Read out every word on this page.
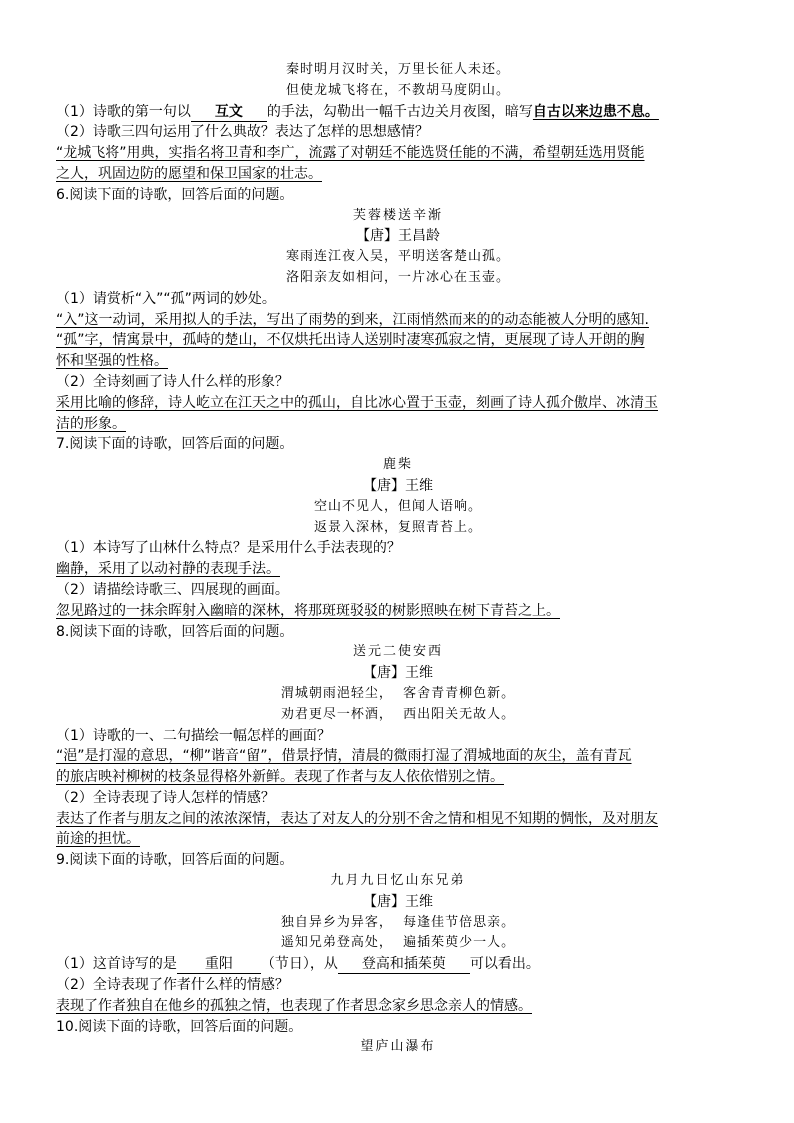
秦时明月汉时关，万里长征人未还。
但使龙城飞将在，不教胡马度阴山。
（1）诗歌的第一句以 互文 的手法，勾勒出一幅千古边关月夜图，暗写自古以来边患不息。
（2）诗歌三四句运用了什么典故？表达了怎样的思想感情？
“龙城飞将”用典，实指名将卫青和李广，流露了对朝廷不能选贤任能的不满，希望朝廷选用贤能
之人，巩固边防的愿望和保卫国家的壮志。
6.阅读下面的诗歌，回答后面的问题。
芙蓉楼送辛渐
【唐】王昌龄
寒雨连江夜入吴，平明送客楚山孤。
洛阳亲友如相问，一片冰心在玉壶。
（1）请赏析“入”“孤”两词的妙处。
“入”这一动词，采用拟人的手法，写出了雨势的到来，江雨悄然而来的的动态能被人分明的感知.
“孤”字，情寓景中，孤峙的楚山，不仅烘托出诗人送别时凄寒孤寂之情，更展现了诗人开朗的胸
怀和坚强的性格。
（2）全诗刻画了诗人什么样的形象？
采用比喻的修辞，诗人屹立在江天之中的孤山，自比冰心置于玉壶，刻画了诗人孤介傲岸、冰清玉
洁的形象。
7.阅读下面的诗歌，回答后面的问题。
鹿柴
【唐】王维
空山不见人，但闻人语响。
返景入深林，复照青苔上。
（1）本诗写了山林什么特点？是采用什么手法表现的？
幽静，采用了以动衬静的表现手法。
（2）请描绘诗歌三、四展现的画面。
忽见路过的一抹余晖射入幽暗的深林，将那斑斑驳驳的树影照映在树下青苔之上。
8.阅读下面的诗歌，回答后面的问题。
送元二使安西
【唐】王维
渭城朝雨浥轻尘，  客舍青青柳色新。
劝君更尽一杯酒，  西出阳关无故人。
（1）诗歌的一、二句描绘一幅怎样的画面？
“浥”是打湿的意思，“柳”谐音“留”，借景抒情，清晨的微雨打湿了渭城地面的灰尘，盖有青瓦
的旅店映衬柳树的枝条显得格外新鲜。表现了作者与友人依依惜别之情。
（2）全诗表现了诗人怎样的情感？
表达了作者与朋友之间的浓浓深情，表达了对友人的分别不舍之情和相见不知期的惆怅，及对朋友
前途的担忧。
9.阅读下面的诗歌，回答后面的问题。
九月九日忆山东兄弟
【唐】王维
独自异乡为异客，  每逢佳节倍思亲。
遥知兄弟登高处，  遍插茱萸少一人。
（1）这首诗写的是 重阳 （节日），从 登高和插茱萸 可以看出。
（2）全诗表现了作者什么样的情感？
表现了作者独自在他乡的孤独之情，也表现了作者思念家乡思念亲人的情感。
10.阅读下面的诗歌，回答后面的问题。
望庐山瀑布
